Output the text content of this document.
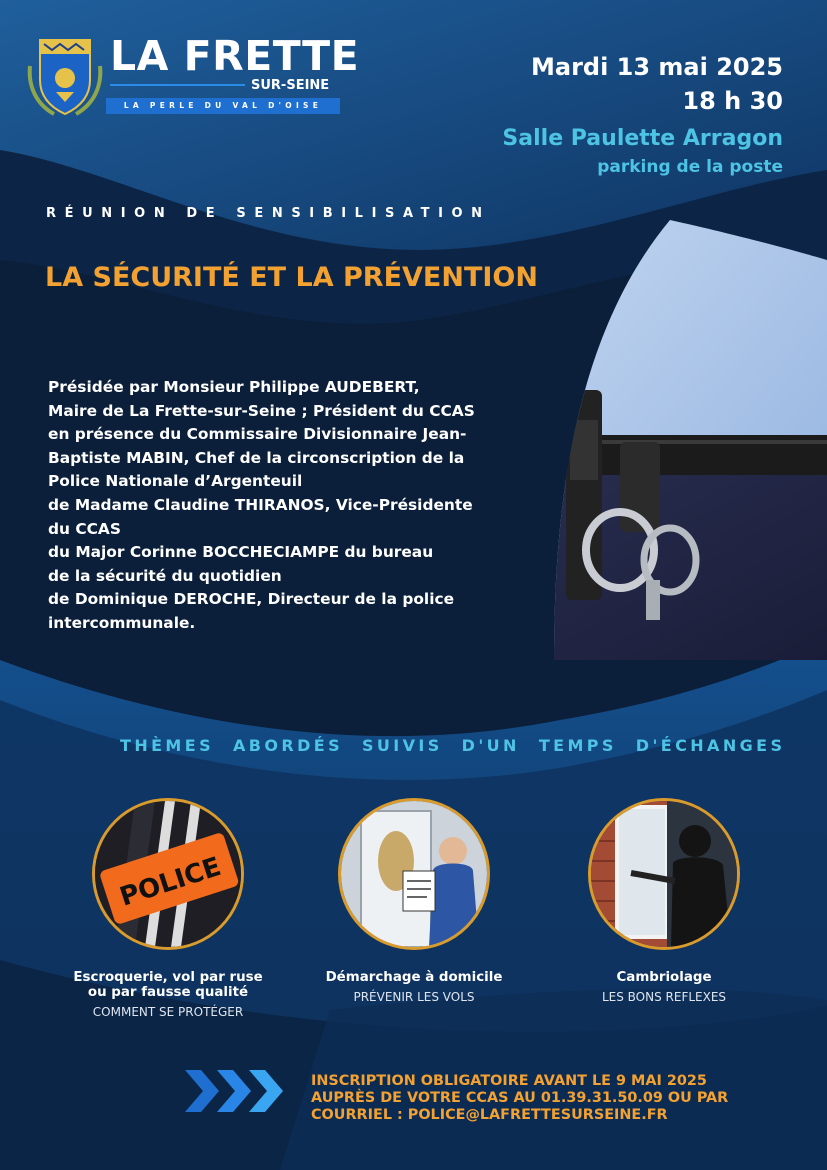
LA FRETTE
SUR-SEINE
LA PERLE DU VAL D'OISE
Mardi 13 mai 2025
18 h 30
Salle Paulette Arragon
parking de la poste
RÉUNION DE SENSIBILISATION
LA SÉCURITÉ ET LA PRÉVENTION
Présidée par Monsieur Philippe AUDEBERT,
Maire de La Frette-sur-Seine ; Président du CCAS
en présence du Commissaire Divisionnaire Jean-
Baptiste MABIN, Chef de la circonscription de la
Police Nationale d’Argenteuil
de Madame Claudine THIRANOS, Vice-Présidente
du CCAS
du Major Corinne BOCCHECIAMPE du bureau
de la sécurité du quotidien
de Dominique DEROCHE, Directeur de la police
intercommunale.
THÈMES ABORDÉS SUIVIS D'UN TEMPS D'ÉCHANGES
POLICE
Escroquerie, vol par ruse
ou par fausse qualité
COMMENT SE PROTÉGER
Démarchage à domicile
PRÉVENIR LES VOLS
Cambriolage
LES BONS REFLEXES
INSCRIPTION OBLIGATOIRE AVANT LE 9 MAI 2025
AUPRÈS DE VOTRE CCAS AU 01.39.31.50.09 OU PAR
COURRIEL : POLICE@LAFRETTESURSEINE.FR
